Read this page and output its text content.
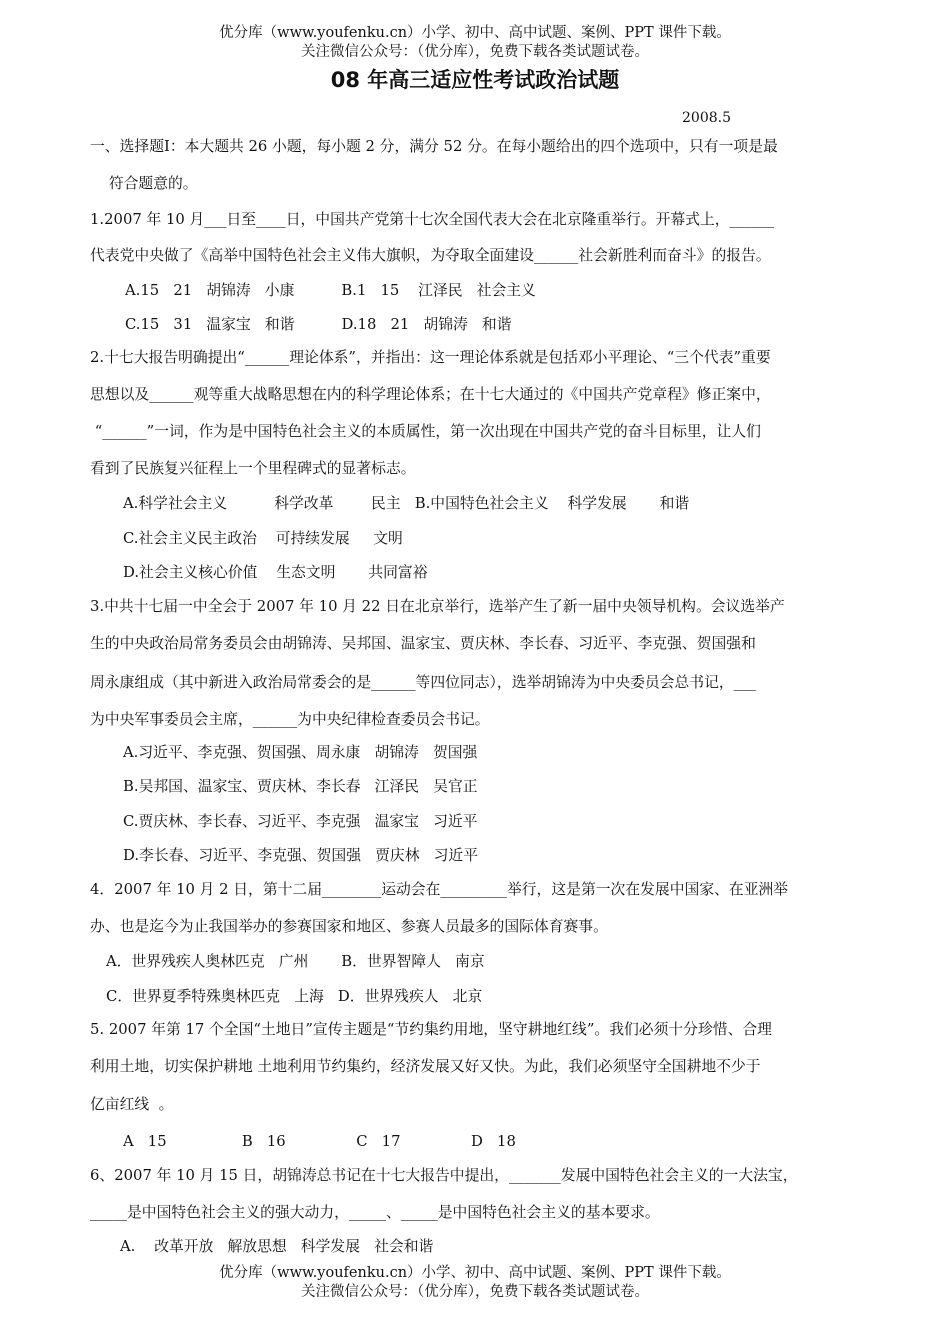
优分库（www.youfenku.cn）小学、初中、高中试题、案例、PPT 课件下载。
关注微信公众号：（优分库），免费下载各类试题试卷。
08 年高三适应性考试政治试题
2008.5
一、选择题Ⅰ：本大题共 26 小题，每小题 2 分，满分 52 分。在每小题给出的四个选项中，只有一项是最
符合题意的。
1.2007 年 10 月___日至____日，中国共产党第十七次全国代表大会在北京隆重举行。开幕式上，______
代表党中央做了《高举中国特色社会主义伟大旗帜，为夺取全面建设______社会新胜利而奋斗》的报告。
A.15   21   胡锦涛   小康          B.1   15    江泽民   社会主义
C.15   31   温家宝   和谐          D.18   21   胡锦涛   和谐
2.十七大报告明确提出“______理论体系”，并指出：这一理论体系就是包括邓小平理论、“三个代表”重要
思想以及______观等重大战略思想在内的科学理论体系；在十七大通过的《中国共产党章程》修正案中，
“______”一词，作为是中国特色社会主义的本质属性，第一次出现在中国共产党的奋斗目标里，让人们
看到了民族复兴征程上一个里程碑式的显著标志。
A.科学社会主义          科学改革        民主   B.中国特色社会主义    科学发展       和谐
C.社会主义民主政治    可持续发展     文明
D.社会主义核心价值    生态文明       共同富裕
3.中共十七届一中全会于 2007 年 10 月 22 日在北京举行，选举产生了新一届中央领导机构。会议选举产
生的中央政治局常务委员会由胡锦涛、吴邦国、温家宝、贾庆林、李长春、习近平、李克强、贺国强和
周永康组成（其中新进入政治局常委会的是______等四位同志），选举胡锦涛为中央委员会总书记，___
为中央军事委员会主席，______为中央纪律检查委员会书记。
A.习近平、李克强、贺国强、周永康   胡锦涛   贺国强
B.吴邦国、温家宝、贾庆林、李长春   江泽民   吴官正
C.贾庆林、李长春、习近平、李克强   温家宝   习近平
D.李长春、习近平、李克强、贺国强   贾庆林   习近平
4．2007 年 10 月 2 日，第十二届________运动会在_________举行，这是第一次在发展中国家、在亚洲举
办、也是迄今为止我国举办的参赛国家和地区、参赛人员最多的国际体育赛事。
A．世界残疾人奥林匹克   广州       B．世界智障人   南京
C．世界夏季特殊奥林匹克   上海   D．世界残疾人   北京
5. 2007 年第 17 个全国“土地日”宣传主题是“节约集约用地，坚守耕地红线”。我们必须十分珍惜、合理
利用土地，切实保护耕地 土地利用节约集约，经济发展又好又快。为此，我们必须坚守全国耕地不少于
亿亩红线  。
A   15                B   16               C   17               D   18
6、2007 年 10 月 15 日，胡锦涛总书记在十七大报告中提出，_______发展中国特色社会主义的一大法宝，
_____是中国特色社会主义的强大动力，_____、_____是中国特色社会主义的基本要求。
A.    改革开放   解放思想   科学发展   社会和谐
优分库（www.youfenku.cn）小学、初中、高中试题、案例、PPT 课件下载。
关注微信公众号：（优分库），免费下载各类试题试卷。
